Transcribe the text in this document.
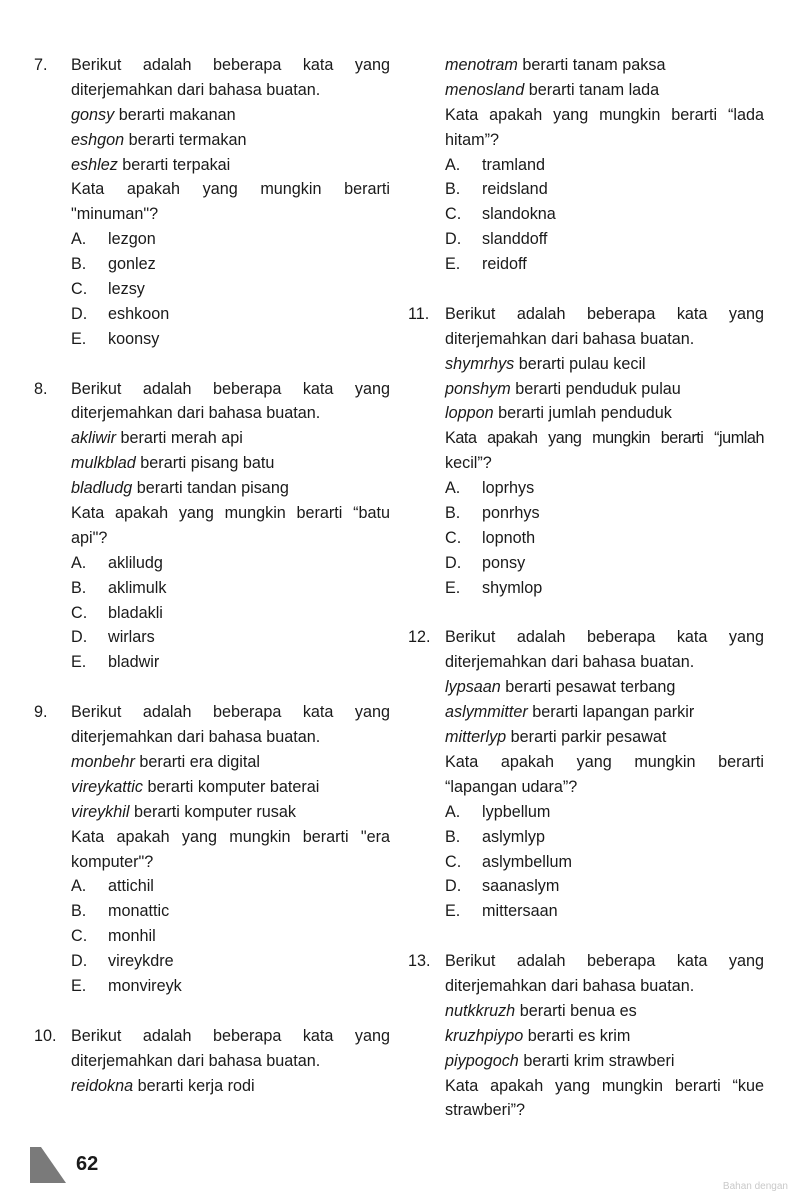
7. Berikut adalah beberapa kata yang
diterjemahkan dari bahasa buatan.
gonsy berarti makanan
eshgon berarti termakan
eshlez berarti terpakai
Kata apakah yang mungkin berarti
"minuman"?
A. lezgon
B. gonlez
C. lezsy
D. eshkoon
E. koonsy
8. Berikut adalah beberapa kata yang
diterjemahkan dari bahasa buatan.
akliwir berarti merah api
mulkblad berarti pisang batu
bladludg berarti tandan pisang
Kata apakah yang mungkin berarti “batu
api"?
A. akliludg
B. aklimulk
C. bladakli
D. wirlars
E. bladwir
9. Berikut adalah beberapa kata yang
diterjemahkan dari bahasa buatan.
monbehr berarti era digital
vireykattic berarti komputer baterai
vireykhil berarti komputer rusak
Kata apakah yang mungkin berarti "era
komputer"?
A. attichil
B. monattic
C. monhil
D. vireykdre
E. monvireyk
10. Berikut adalah beberapa kata yang
diterjemahkan dari bahasa buatan.
reidokna berarti kerja rodi
menotram berarti tanam paksa
menosland berarti tanam lada
Kata apakah yang mungkin berarti “lada
hitam”?
A. tramland
B. reidsland
C. slandokna
D. slanddoff
E. reidoff
11. Berikut adalah beberapa kata yang
diterjemahkan dari bahasa buatan.
shymrhys berarti pulau kecil
ponshym berarti penduduk pulau
loppon berarti jumlah penduduk
Kata apakah yang mungkin berarti “jumlah
kecil”?
A. loprhys
B. ponrhys
C. lopnoth
D. ponsy
E. shymlop
12. Berikut adalah beberapa kata yang
diterjemahkan dari bahasa buatan.
lypsaan berarti pesawat terbang
aslymmitter berarti lapangan parkir
mitterlyp berarti parkir pesawat
Kata apakah yang mungkin berarti
“lapangan udara”?
A. lypbellum
B. aslymlyp
C. aslymbellum
D. saanaslym
E. mittersaan
13. Berikut adalah beberapa kata yang
diterjemahkan dari bahasa buatan.
nutkkruzh berarti benua es
kruzhpiypo berarti es krim
piypogoch berarti krim strawberi
Kata apakah yang mungkin berarti “kue
strawberi”?
62
Bahan dengan
